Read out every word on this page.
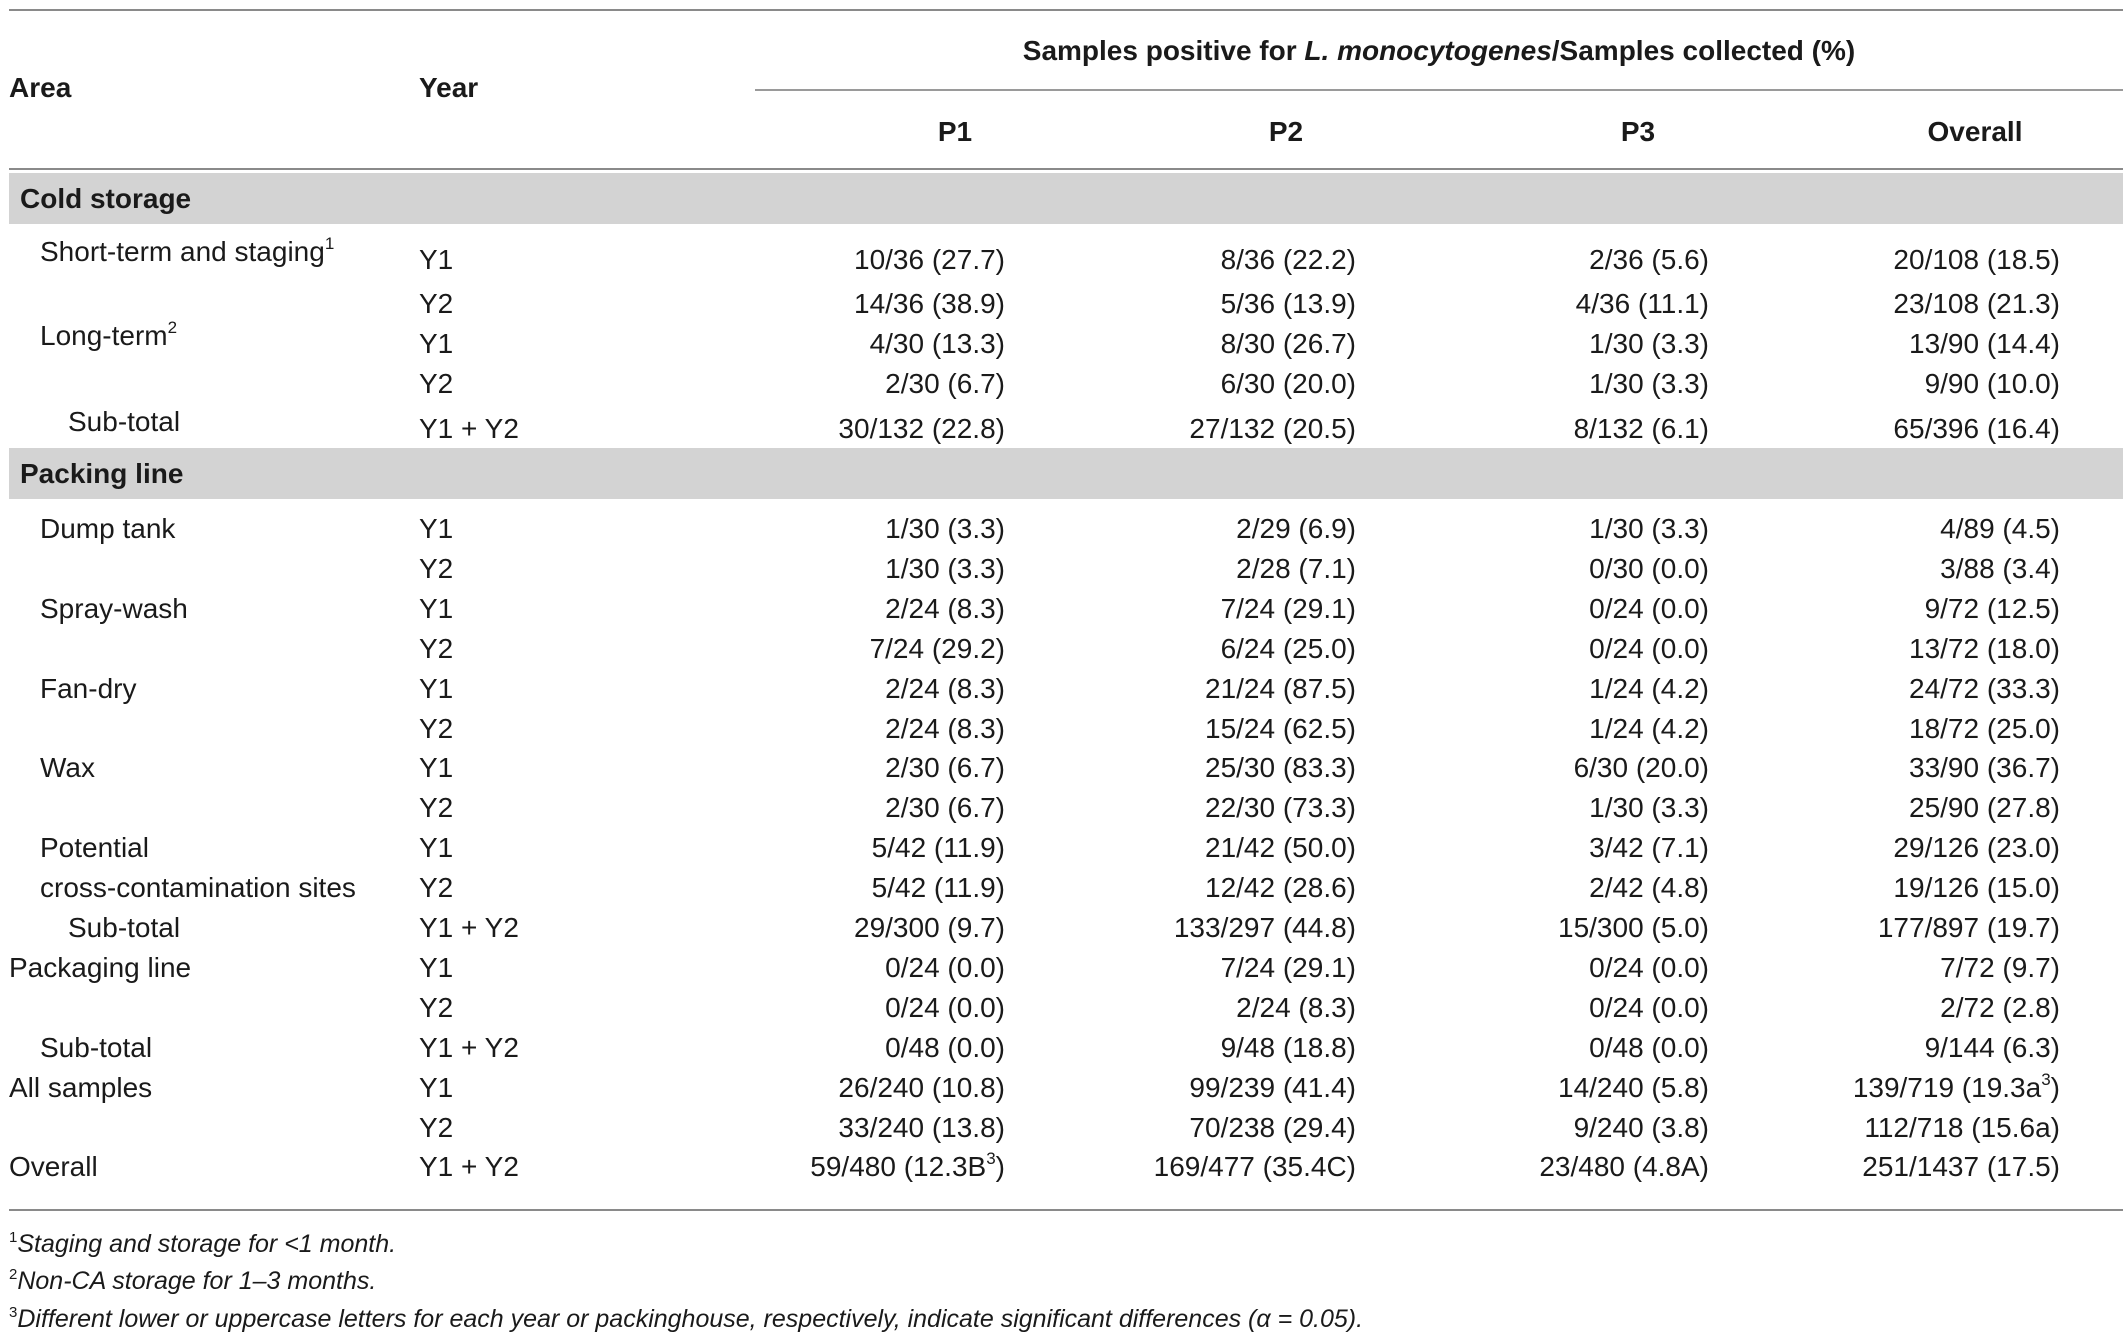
Area	Year
Samples positive for L. monocytogenes/Samples collected (%)
P1	P2	P3	Overall
Cold storage
Short-term and staging$^1$
Y1	10/36 (27.7)	8/36 (22.2)	2/36 (5.6)	20/108 (18.5)
Y2	14/36 (38.9)	5/36 (13.9)	4/36 (11.1)	23/108 (21.3)
Long-term$^2$
Y1	4/30 (13.3)	8/30 (26.7)	1/30 (3.3)	13/90 (14.4)
Y2	2/30 (6.7)	6/30 (20.0)	1/30 (3.3)	9/90 (10.0)
Sub-total	Y1 + Y2	30/132 (22.8)	27/132 (20.5)	8/132 (6.1)	65/396 (16.4)
Packing line
Dump tank	Y1	1/30 (3.3)	2/29 (6.9)	1/30 (3.3)	4/89 (4.5)
Y2	1/30 (3.3)	2/28 (7.1)	0/30 (0.0)	3/88 (3.4)
Spray-wash	Y1	2/24 (8.3)	7/24 (29.1)	0/24 (0.0)	9/72 (12.5)
Y2	7/24 (29.2)	6/24 (25.0)	0/24 (0.0)	13/72 (18.0)
Fan-dry	Y1	2/24 (8.3)	21/24 (87.5)	1/24 (4.2)	24/72 (33.3)
Y2	2/24 (8.3)	15/24 (62.5)	1/24 (4.2)	18/72 (25.0)
Wax	Y1	2/30 (6.7)	25/30 (83.3)	6/30 (20.0)	33/90 (36.7)
Y2	2/30 (6.7)	22/30 (73.3)	1/30 (3.3)	25/90 (27.8)
Potential	Y1	5/42 (11.9)	21/42 (50.0)	3/42 (7.1)	29/126 (23.0)
cross-contamination sites Y2	5/42 (11.9)	12/42 (28.6)	2/42 (4.8)	19/126 (15.0)
Sub-total	Y1 + Y2	29/300 (9.7)	133/297 (44.8)	15/300 (5.0)	177/897 (19.7)
Packaging line	Y1	0/24 (0.0)	7/24 (29.1)	0/24 (0.0)	7/72 (9.7)
Y2	0/24 (0.0)	2/24 (8.3)	0/24 (0.0)	2/72 (2.8)
Sub-total	Y1 + Y2	0/48 (0.0)	9/48 (18.8)	0/48 (0.0)	9/144 (6.3)
All samples	Y1	26/240 (10.8)	99/239 (41.4)	14/240 (5.8)	139/719 $(19.3a^3)$
Y2	33/240 (13.8)	70/238 (29.4)	9/240 (3.8)	112/718 (15.6a)
Overall	Y1 + Y2	59/480 $(12.3B^3)$	169/477 (35.4C)	23/480 (4.8A)	251/1437 (17.5)
$^1$Staging and storage for <1 month.
$^2$Non-CA storage for 1–3 months.
$^3$Different lower or uppercase letters for each year or packinghouse, respectively, indicate significant differences (α = 0.05).
